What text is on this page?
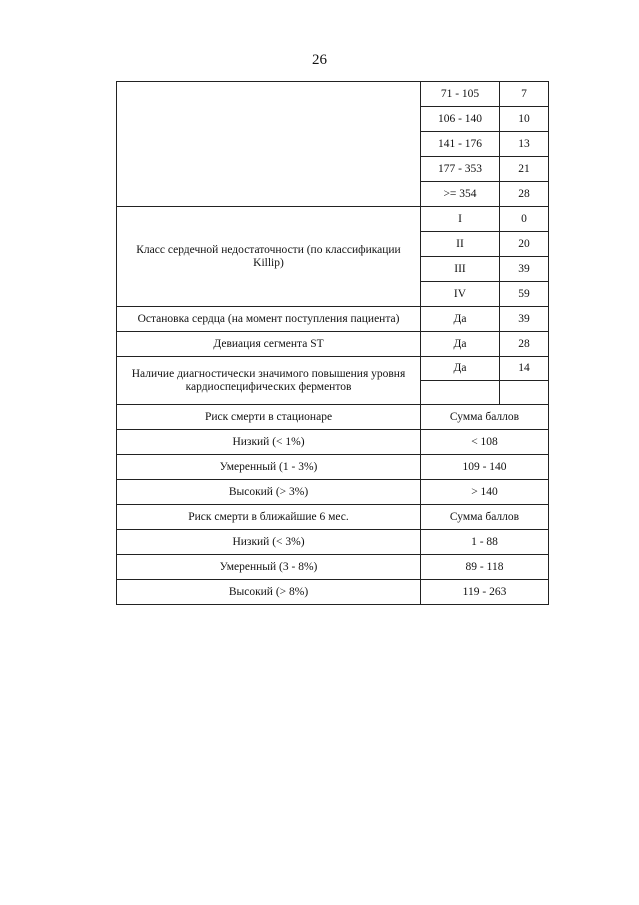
26
	71 - 105	7
	106 - 140	10
	141 - 176	13
	177 - 353	21
	>= 354	28
Класс сердечной недостаточности (по классификации Killip)	I	0
	II	20
	III	39
	IV	59
Остановка сердца (на момент поступления пациента)	Да	39
Девиация сегмента ST	Да	28
Наличие диагностически значимого повышения уровня кардиоспецифических ферментов	Да	14

Риск смерти в стационаре	Сумма баллов	
Низкий (< 1%)	< 108	
Умеренный (1 - 3%)	109 - 140	
Высокий (> 3%)	> 140	
Риск смерти в ближайшие 6 мес.	Сумма баллов	
Низкий (< 3%)	1 - 88	
Умеренный (3 - 8%)	89 - 118	
Высокий (> 8%)	119 - 263	
